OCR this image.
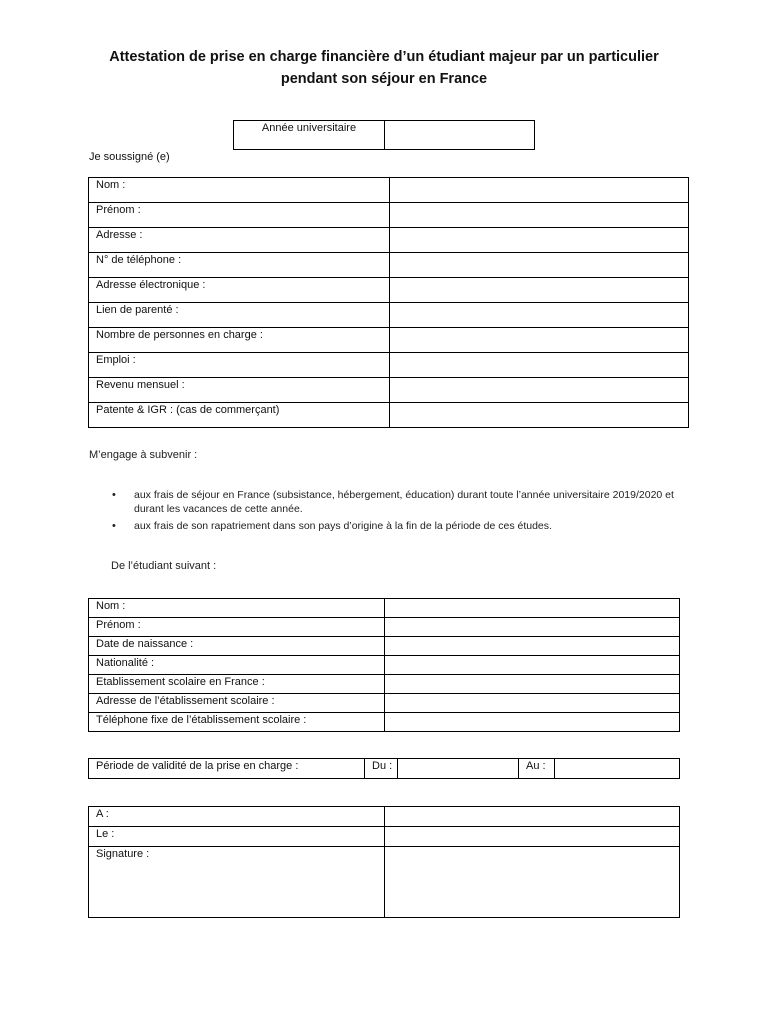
Attestation de prise en charge financière d’un étudiant majeur par un particulier
pendant son séjour en France
Année universitaire	
Je soussigné (e)
Nom :	
Prénom :	
Adresse :	
N° de téléphone :	
Adresse électronique :	
Lien de parenté :	
Nombre de personnes en charge :	
Emploi :	
Revenu mensuel :	
Patente & IGR : (cas de commerçant)	
M’engage à subvenir :
• aux frais de séjour en France (subsistance, hébergement, éducation) durant toute l’année universitaire 2019/2020 et durant les vacances de cette année.
• aux frais de son rapatriement dans son pays d’origine à la fin de la période de ces études.
De l’étudiant suivant :
Nom :	
Prénom :	
Date de naissance :	
Nationalité :	
Etablissement scolaire en France :	
Adresse de l’établissement scolaire :	
Téléphone fixe de l’établissement scolaire :	
Période de validité de la prise en charge :	Du :		Au :	
A :	
Le :	
Signature :	
